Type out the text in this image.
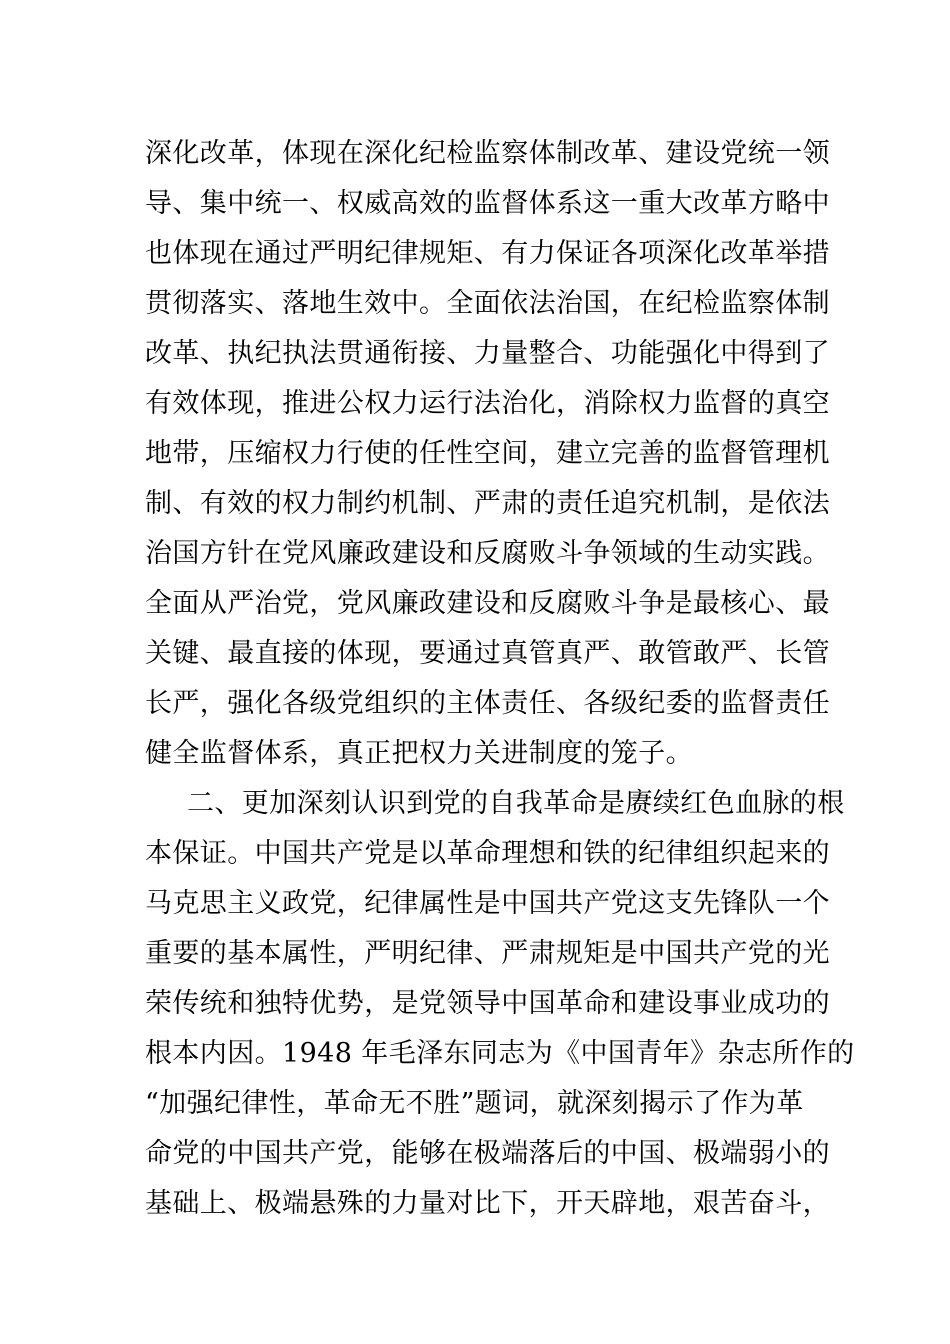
深化改革，体现在深化纪检监察体制改革、建设党统一领
导、集中统一、权威高效的监督体系这一重大改革方略中
也体现在通过严明纪律规矩、有力保证各项深化改革举措
贯彻落实、落地生效中。全面依法治国，在纪检监察体制
改革、执纪执法贯通衔接、力量整合、功能强化中得到了
有效体现，推进公权力运行法治化，消除权力监督的真空
地带，压缩权力行使的任性空间，建立完善的监督管理机
制、有效的权力制约机制、严肃的责任追究机制，是依法
治国方针在党风廉政建设和反腐败斗争领域的生动实践。
全面从严治党，党风廉政建设和反腐败斗争是最核心、最
关键、最直接的体现，要通过真管真严、敢管敢严、长管
长严，强化各级党组织的主体责任、各级纪委的监督责任
健全监督体系，真正把权力关进制度的笼子。
二、更加深刻认识到党的自我革命是赓续红色血脉的根
本保证。中国共产党是以革命理想和铁的纪律组织起来的
马克思主义政党，纪律属性是中国共产党这支先锋队一个
重要的基本属性，严明纪律、严肃规矩是中国共产党的光
荣传统和独特优势，是党领导中国革命和建设事业成功的
根本内因。1948 年毛泽东同志为《中国青年》杂志所作的
“加强纪律性，革命无不胜”题词，就深刻揭示了作为革
命党的中国共产党，能够在极端落后的中国、极端弱小的
基础上、极端悬殊的力量对比下，开天辟地，艰苦奋斗，
